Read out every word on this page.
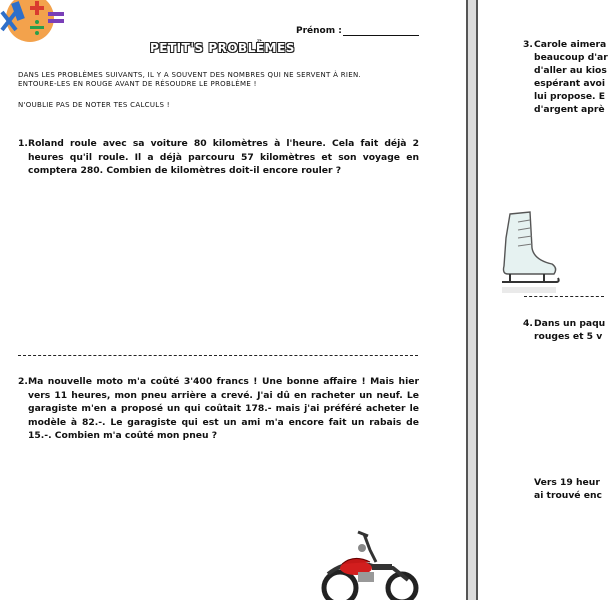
Prénom :
PETIT'S PROBLÈMES
DANS LES PROBLÈMES SUIVANTS, IL Y A SOUVENT DES NOMBRES QUI NE SERVENT À RIEN.
ENTOURE-LES EN ROUGE AVANT DE RÉSOUDRE LE PROBLÈME !
N'OUBLIE PAS DE NOTER TES CALCULS !
1. Roland roule avec sa voiture 80 kilomètres à l'heure. Cela fait déjà 2 heures qu'il roule. Il a déjà parcouru 57 kilomètres et son voyage en comptera 280. Combien de kilomètres doit-il encore rouler ?
2. Ma nouvelle moto m'a coûté 3'400 francs ! Une bonne affaire ! Mais hier vers 11 heures, mon pneu arrière a crevé. J'ai dû en racheter un neuf. Le garagiste m'en a proposé un qui coûtait 178.- mais j'ai préféré acheter le modèle à 82.-. Le garagiste qui est un ami m'a encore fait un rabais de 15.-. Combien m'a coûté mon pneu ?
3. Carole aimera
beaucoup d'ar
d'aller au kios
espérant avoi
lui propose. E
d'argent aprè
4. Dans un paqu
rouges et 5 v
Vers 19 heur
ai trouvé enc
